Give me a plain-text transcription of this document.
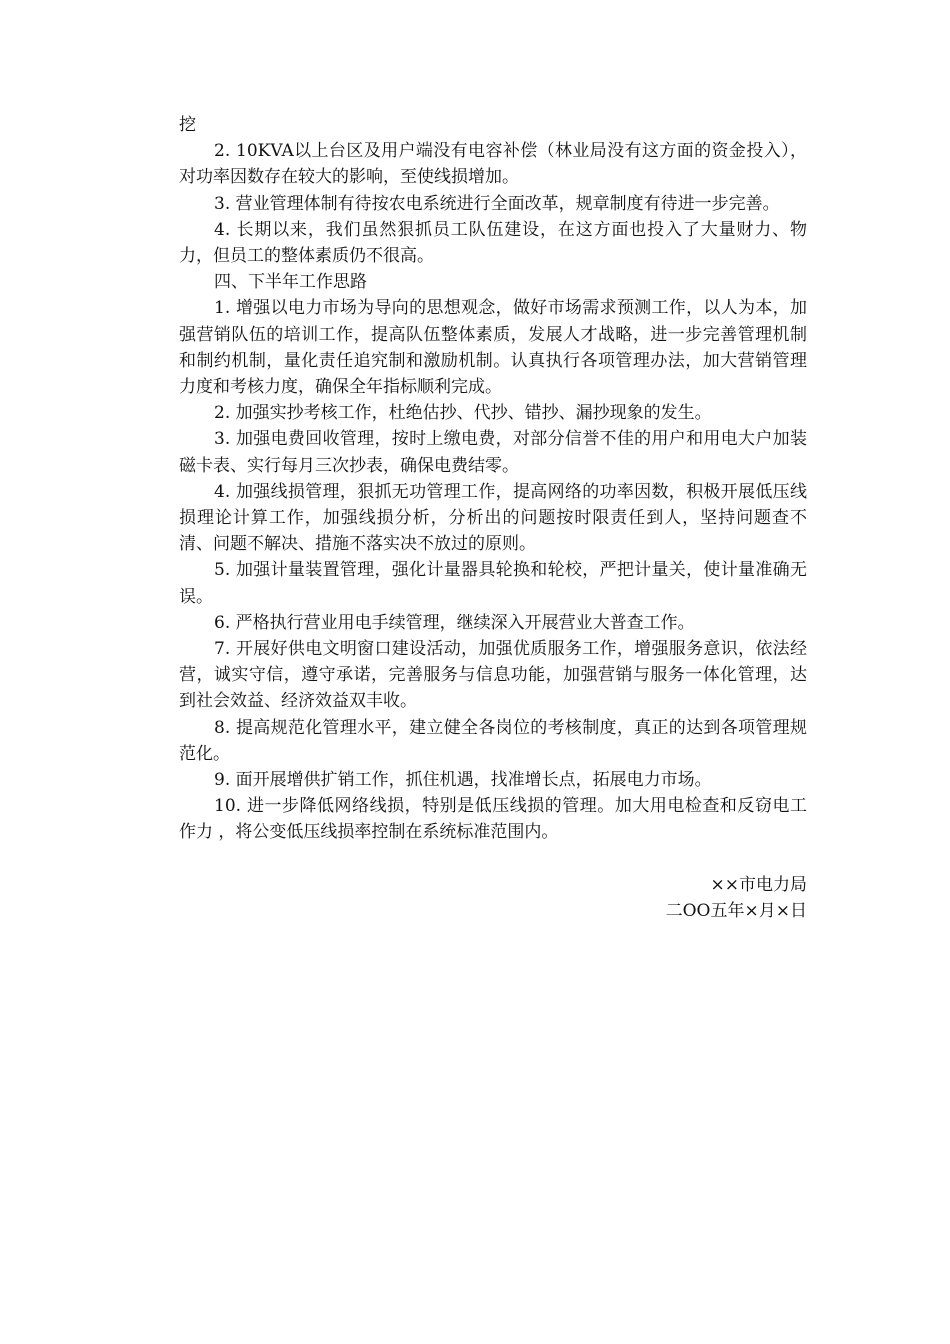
挖

2. 10KVA以上台区及用户端没有电容补偿（林业局没有这方面的资金投入），对功率因数存在较大的影响，至使线损增加。

3. 营业管理体制有待按农电系统进行全面改革，规章制度有待进一步完善。

4. 长期以来，我们虽然狠抓员工队伍建设，在这方面也投入了大量财力、物力，但员工的整体素质仍不很高。

四、下半年工作思路

1. 增强以电力市场为导向的思想观念，做好市场需求预测工作，以人为本，加强营销队伍的培训工作，提高队伍整体素质，发展人才战略，进一步完善管理机制和制约机制，量化责任追究制和激励机制。认真执行各项管理办法，加大营销管理力度和考核力度，确保全年指标顺利完成。

2. 加强实抄考核工作，杜绝估抄、代抄、错抄、漏抄现象的发生。

3. 加强电费回收管理，按时上缴电费，对部分信誉不佳的用户和用电大户加装磁卡表、实行每月三次抄表，确保电费结零。

4. 加强线损管理，狠抓无功管理工作，提高网络的功率因数，积极开展低压线损理论计算工作，加强线损分析，分析出的问题按时限责任到人，坚持问题查不清、问题不解决、措施不落实决不放过的原则。

5. 加强计量装置管理，强化计量器具轮换和轮校，严把计量关，使计量准确无误。

6. 严格执行营业用电手续管理，继续深入开展营业大普查工作。

7. 开展好供电文明窗口建设活动，加强优质服务工作，增强服务意识，依法经营，诚实守信，遵守承诺，完善服务与信息功能，加强营销与服务一体化管理，达到社会效益、经济效益双丰收。

8. 提高规范化管理水平，建立健全各岗位的考核制度，真正的达到各项管理规范化。

9. 面开展增供扩销工作，抓住机遇，找准增长点，拓展电力市场。

10. 进一步降低网络线损，特别是低压线损的管理。加大用电检查和反窃电工作力 ，将公变低压线损率控制在系统标准范围内。

××市电力局
二ОО五年×月×日
